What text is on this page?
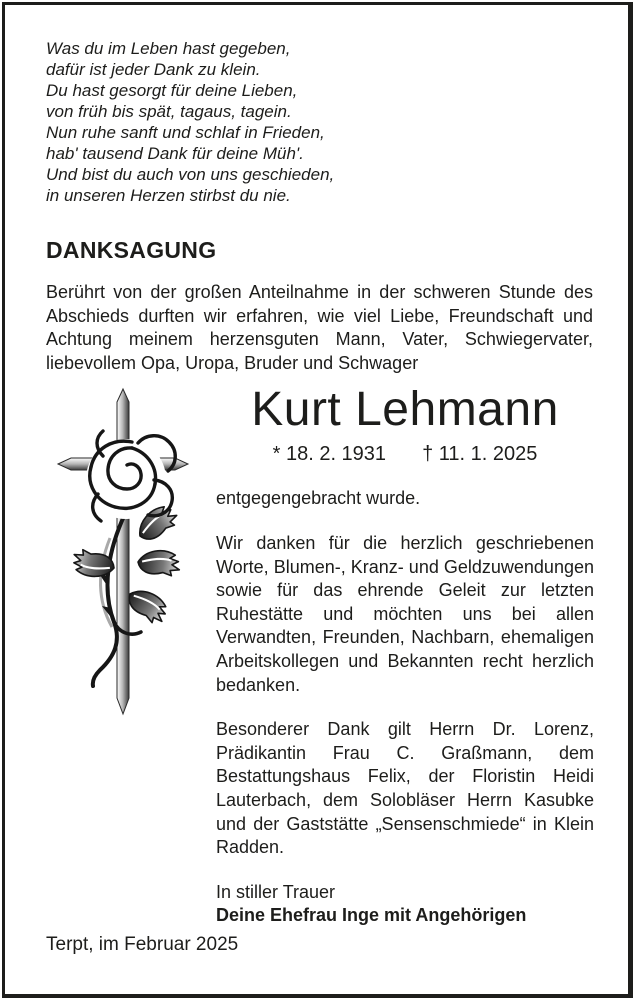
Was du im Leben hast gegeben,
dafür ist jeder Dank zu klein.
Du hast gesorgt für deine Lieben,
von früh bis spät, tagaus, tagein.
Nun ruhe sanft und schlaf in Frieden,
hab' tausend Dank für deine Müh'.
Und bist du auch von uns geschieden,
in unseren Herzen stirbst du nie.
DANKSAGUNG

Berührt von der großen Anteilnahme in der schweren Stunde des Abschieds durften wir erfahren, wie viel Liebe, Freundschaft und Achtung meinem herzensguten Mann, Vater, Schwiegervater, liebevollem Opa, Uropa, Bruder und Schwager

Kurt Lehmann
* 18. 2. 1931 † 11. 1. 2025

entgegengebracht wurde.

Wir danken für die herzlich geschriebenen Worte, Blumen-, Kranz- und Geldzuwendungen sowie für das ehrende Geleit zur letzten Ruhestätte und möchten uns bei allen Verwandten, Freunden, Nachbarn, ehemaligen Arbeitskollegen und Bekannten recht herzlich bedanken.

Besonderer Dank gilt Herrn Dr. Lorenz, Prädikantin Frau C. Graßmann, dem Bestattungshaus Felix, der Floristin Heidi Lauterbach, dem Solobläser Herrn Kasubke und der Gaststätte „Sensenschmiede“ in Klein Radden.

In stiller Trauer
Deine Ehefrau Inge mit Angehörigen

Terpt, im Februar 2025
